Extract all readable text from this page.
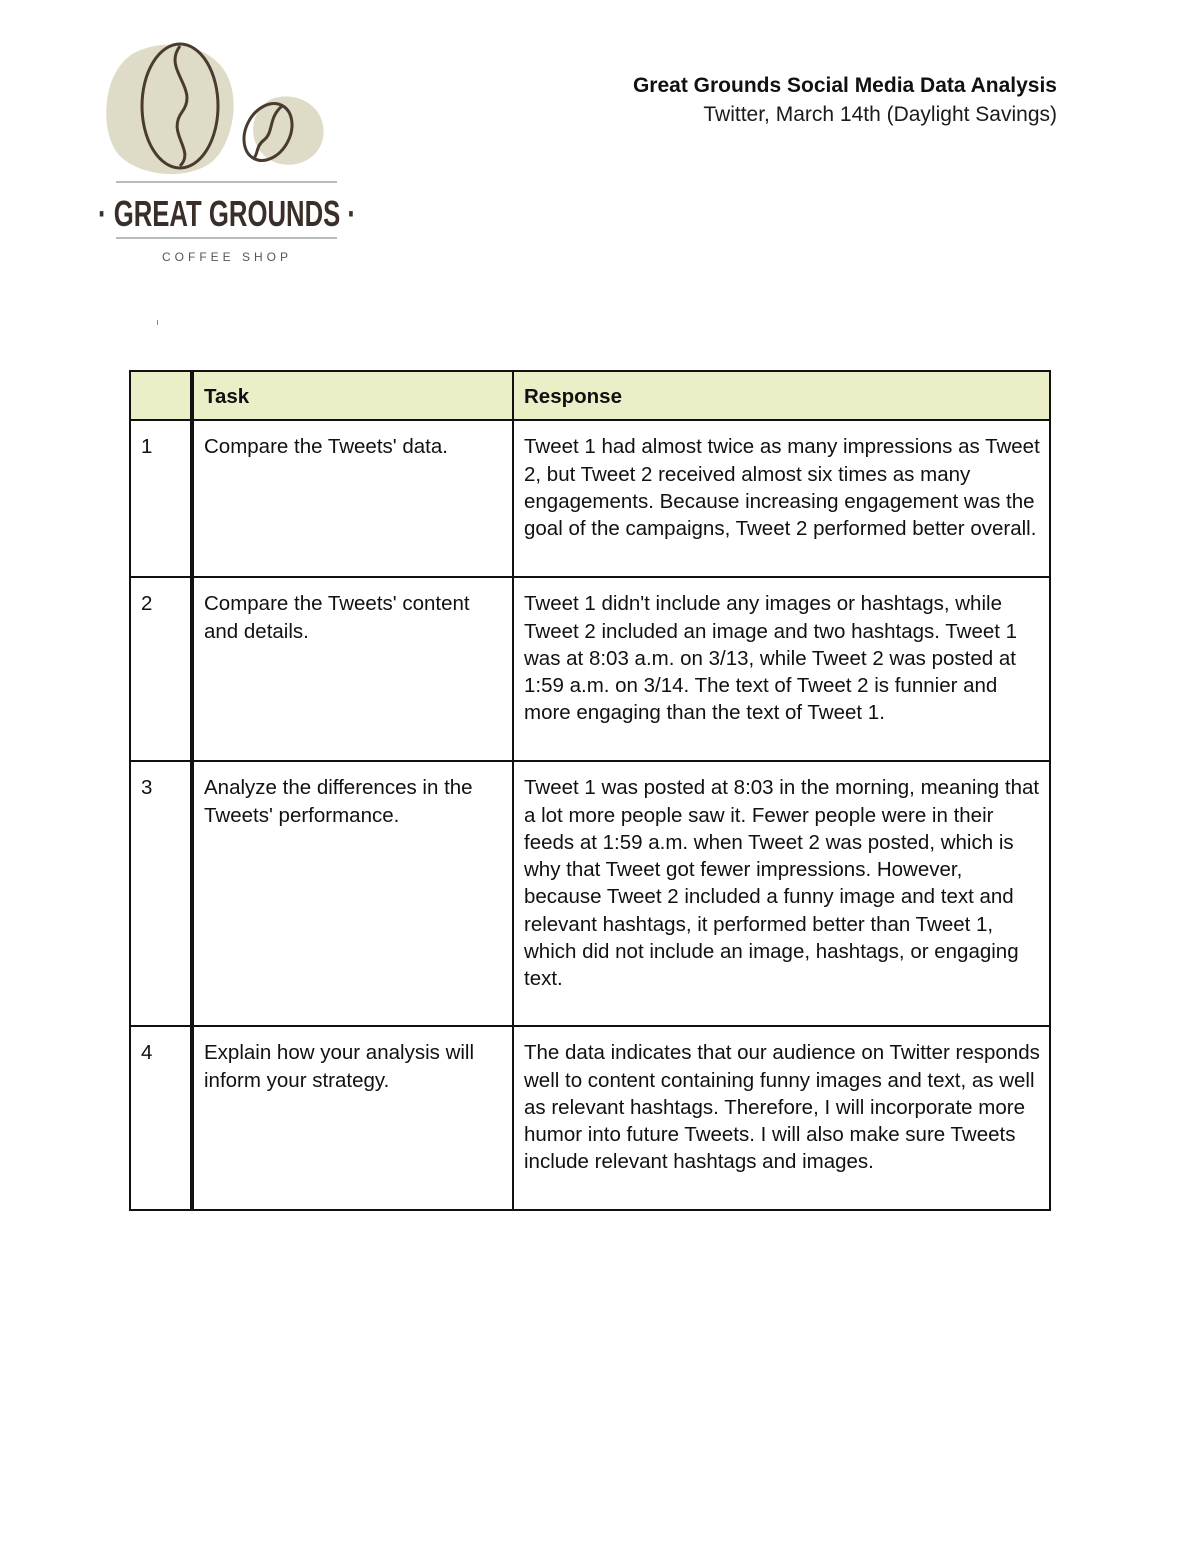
· GREAT GROUNDS ·
COFFEE SHOP
Great Grounds Social Media Data Analysis
Twitter, March 14th (Daylight Savings)
	Task	Response
1	Compare the Tweets' data.	Tweet 1 had almost twice as many impressions as Tweet 2, but Tweet 2 received almost six times as many engagements. Because increasing engagement was the goal of the campaigns, Tweet 2 performed better overall.
2	Compare the Tweets' content and details.	Tweet 1 didn't include any images or hashtags, while Tweet 2 included an image and two hashtags. Tweet 1 was at 8:03 a.m. on 3/13, while Tweet 2 was posted at 1:59 a.m. on 3/14. The text of Tweet 2 is funnier and more engaging than the text of Tweet 1.
3	Analyze the differences in the Tweets' performance.	Tweet 1 was posted at 8:03 in the morning, meaning that a lot more people saw it. Fewer people were in their feeds at 1:59 a.m. when Tweet 2 was posted, which is why that Tweet got fewer impressions. However, because Tweet 2 included a funny image and text and relevant hashtags, it performed better than Tweet 1, which did not include an image, hashtags, or engaging text.
4	Explain how your analysis will inform your strategy.	The data indicates that our audience on Twitter responds well to content containing funny images and text, as well as relevant hashtags. Therefore, I will incorporate more humor into future Tweets. I will also make sure Tweets include relevant hashtags and images.
